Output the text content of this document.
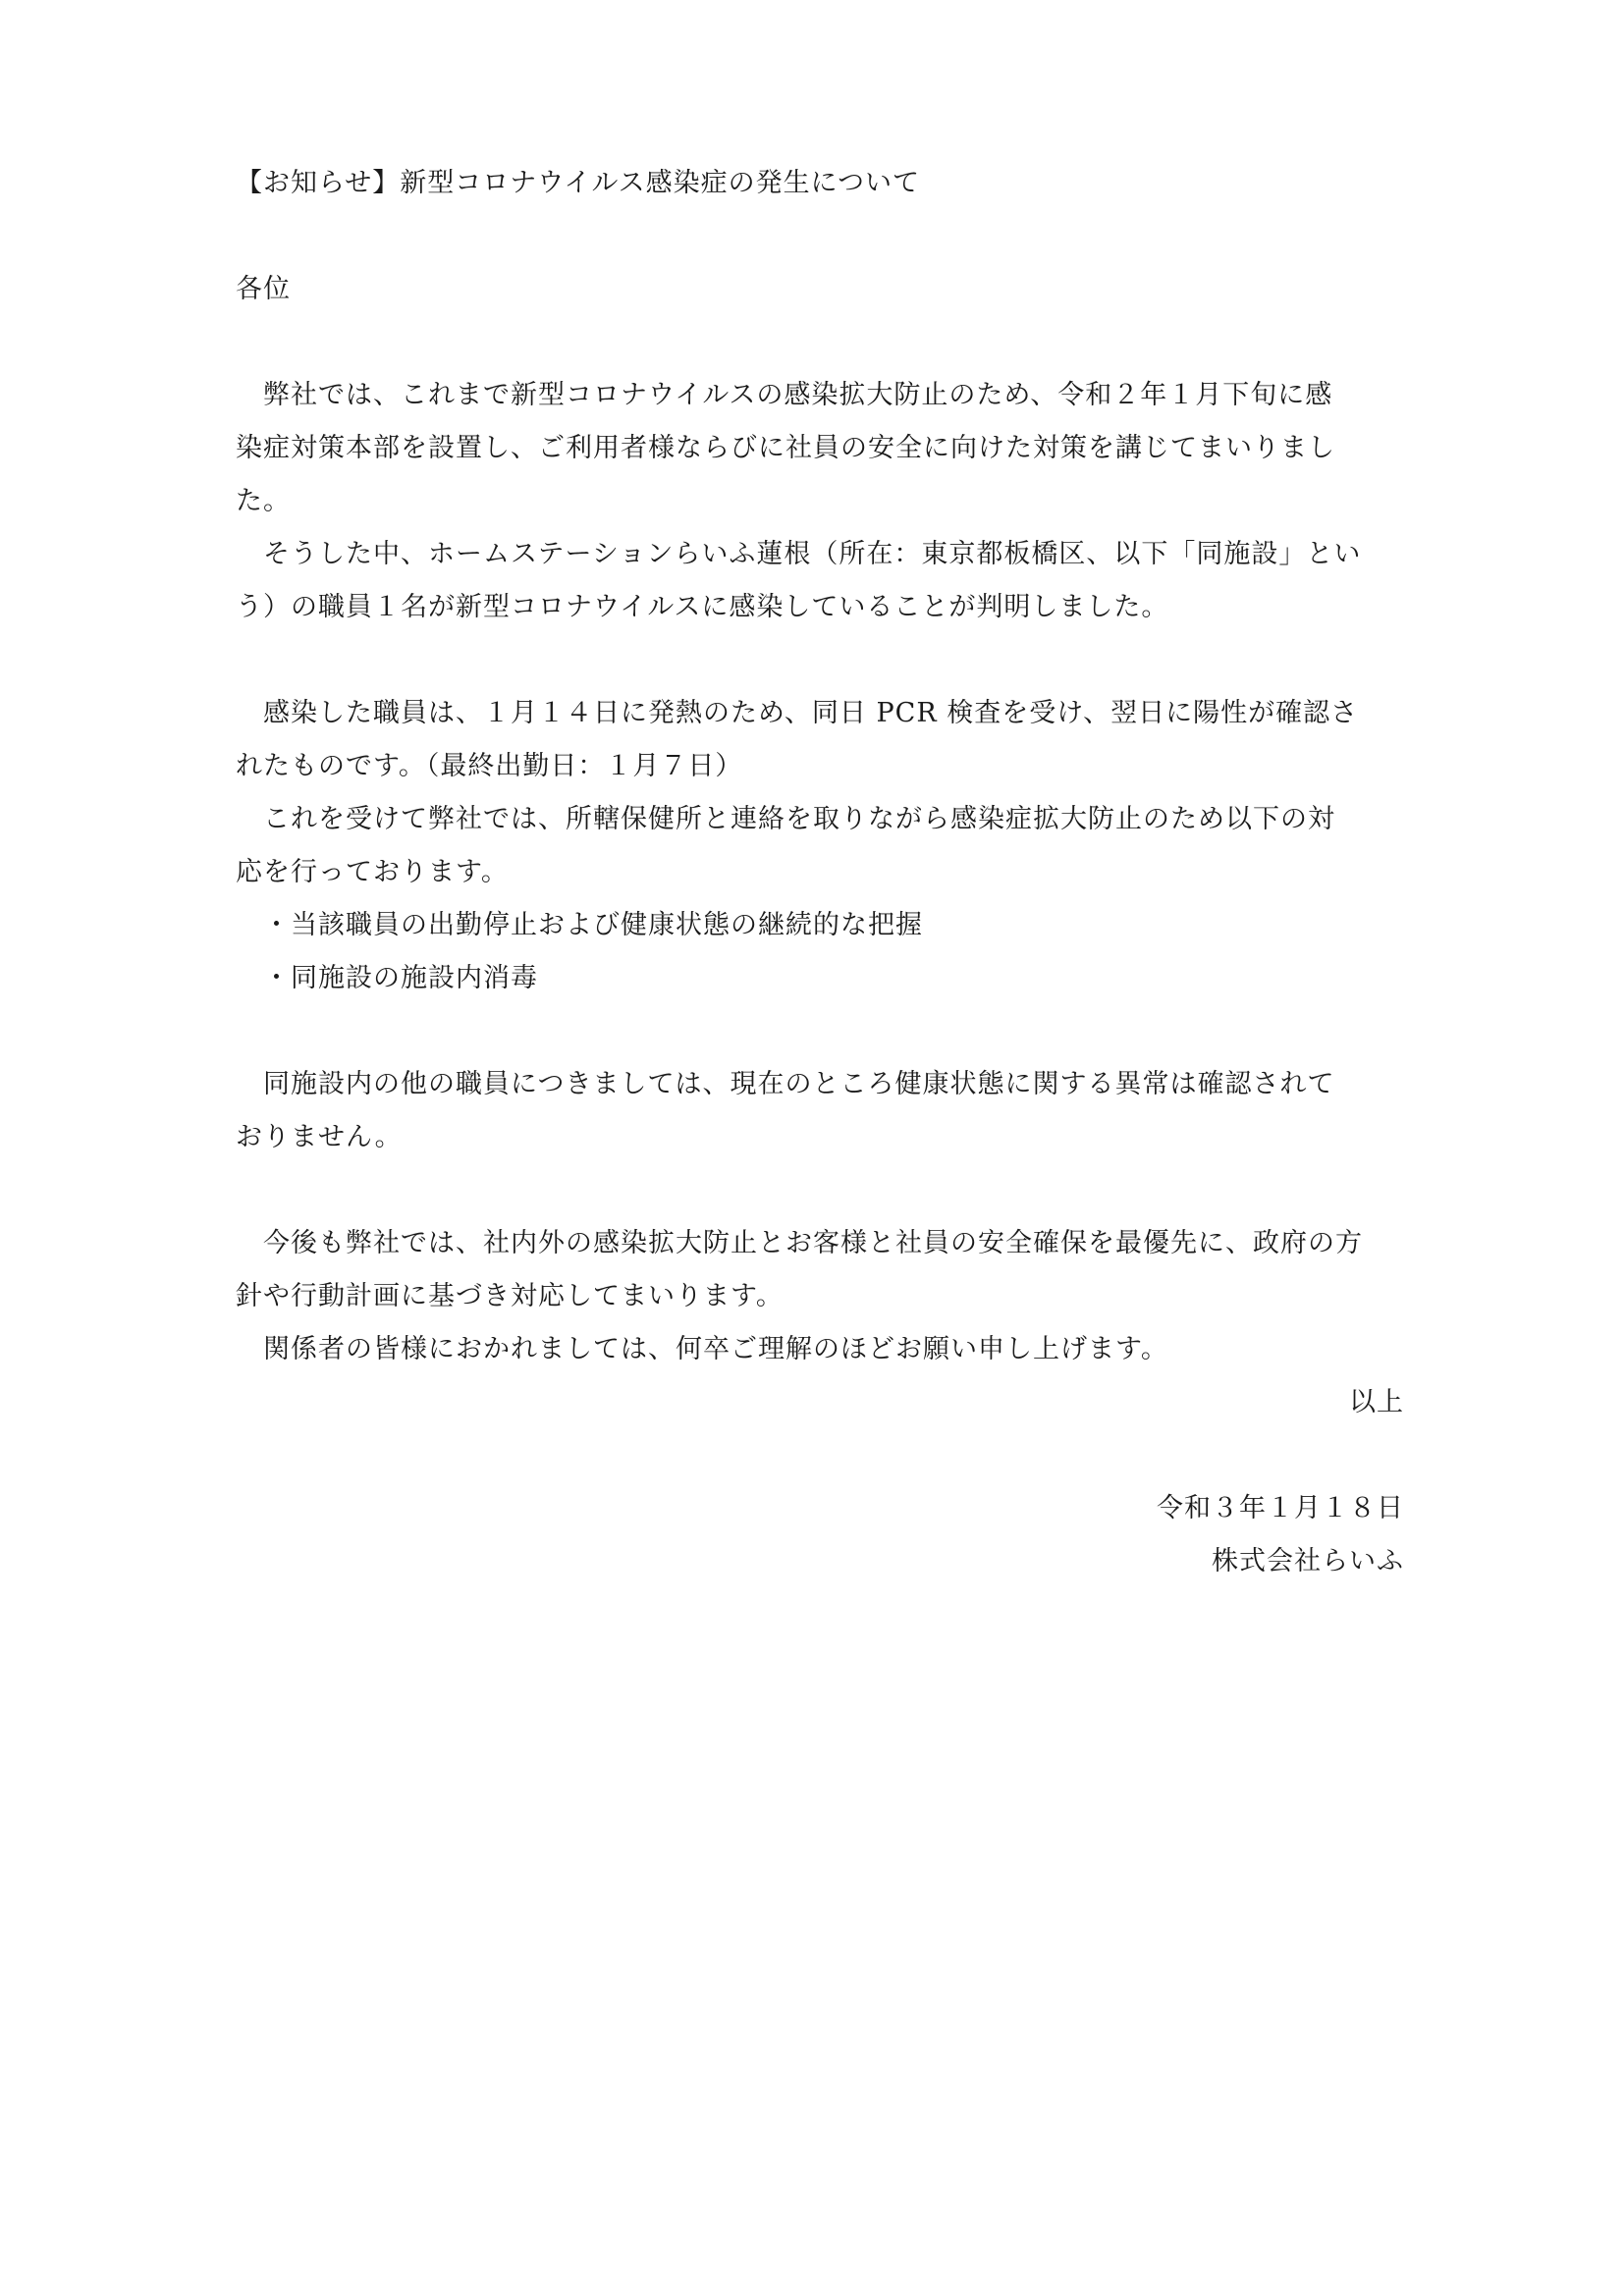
【お知らせ】新型コロナウイルス感染症の発生について
各位
弊社では、これまで新型コロナウイルスの感染拡大防止のため、令和２年１月下旬に感
染症対策本部を設置し、ご利用者様ならびに社員の安全に向けた対策を講じてまいりまし
た。
そうした中、ホームステーションらいふ蓮根（所在：東京都板橋区、以下「同施設」とい
う）の職員１名が新型コロナウイルスに感染していることが判明しました。
感染した職員は、１月１４日に発熱のため、同日 PCR 検査を受け、翌日に陽性が確認さ
れたものです。（最終出勤日：１月７日）
これを受けて弊社では、所轄保健所と連絡を取りながら感染症拡大防止のため以下の対
応を行っております。
・当該職員の出勤停止および健康状態の継続的な把握
・同施設の施設内消毒
同施設内の他の職員につきましては、現在のところ健康状態に関する異常は確認されて
おりません。
今後も弊社では、社内外の感染拡大防止とお客様と社員の安全確保を最優先に、政府の方
針や行動計画に基づき対応してまいります。
関係者の皆様におかれましては、何卒ご理解のほどお願い申し上げます。
以上
令和３年１月１８日
株式会社らいふ
